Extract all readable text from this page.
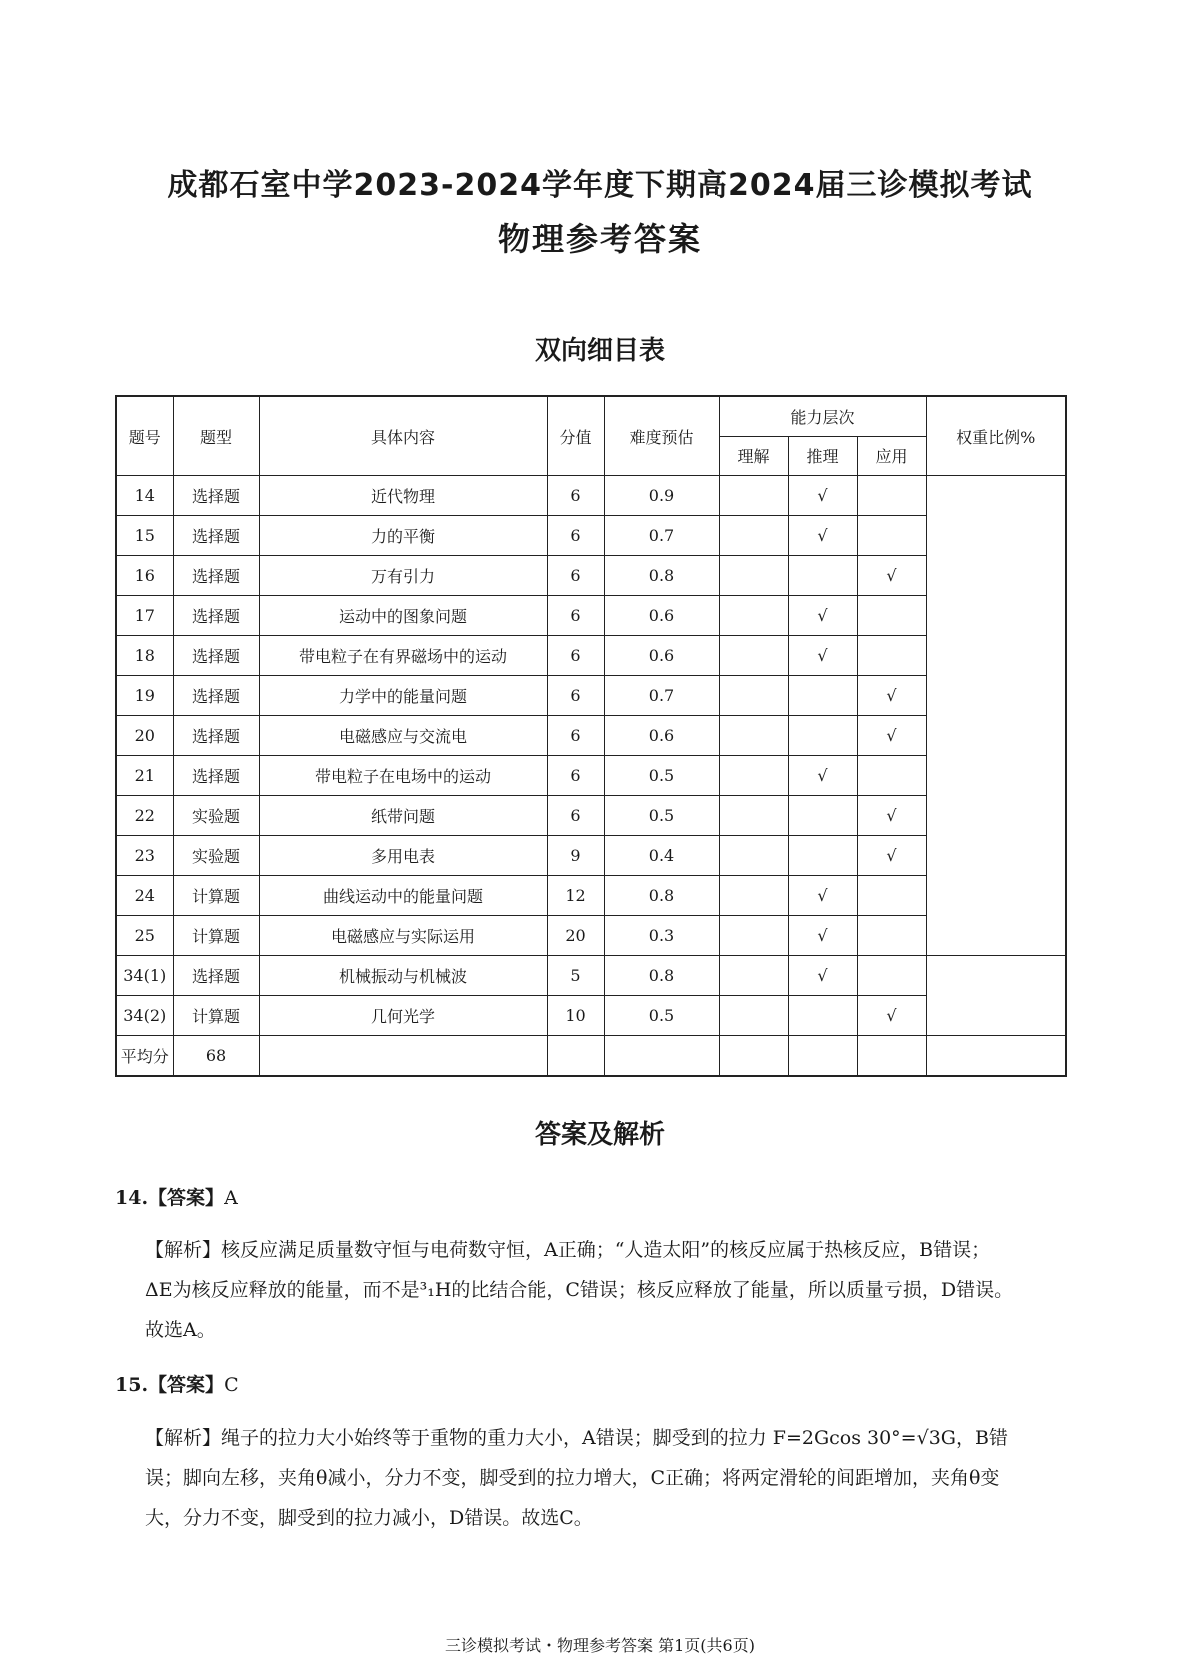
成都石室中学2023-2024学年度下期高2024届三诊模拟考试
物理参考答案
双向细目表
题号	题型	具体内容	分值	难度预估	能力层次			权重比例%
					理解	推理	应用	
14	选择题	近代物理	6	0.9		√		
15	选择题	力的平衡	6	0.7		√		
16	选择题	万有引力	6	0.8			√	
17	选择题	运动中的图象问题	6	0.6		√		
18	选择题	带电粒子在有界磁场中的运动	6	0.6		√		
19	选择题	力学中的能量问题	6	0.7			√	
20	选择题	电磁感应与交流电	6	0.6			√	
21	选择题	带电粒子在电场中的运动	6	0.5		√		
22	实验题	纸带问题	6	0.5			√	
23	实验题	多用电表	9	0.4			√	
24	计算题	曲线运动中的能量问题	12	0.8		√		
25	计算题	电磁感应与实际运用	20	0.3		√		
34(1)	选择题	机械振动与机械波	5	0.8		√		
34(2)	计算题	几何光学	10	0.5			√	
平均分	68							
答案及解析
14.【答案】A
【解析】核反应满足质量数守恒与电荷数守恒，A正确；“人造太阳”的核反应属于热核反应，B错误；
ΔE为核反应释放的能量，而不是³₁H的比结合能，C错误；核反应释放了能量，所以质量亏损，D错误。
故选A。
15.【答案】C
【解析】绳子的拉力大小始终等于重物的重力大小，A错误；脚受到的拉力 F=2Gcos 30°=√3G，B错
误；脚向左移，夹角θ减小，分力不变，脚受到的拉力增大，C正确；将两定滑轮的间距增加，夹角θ变
大，分力不变，脚受到的拉力减小，D错误。故选C。
三诊模拟考试・物理参考答案 第1页(共6页)
